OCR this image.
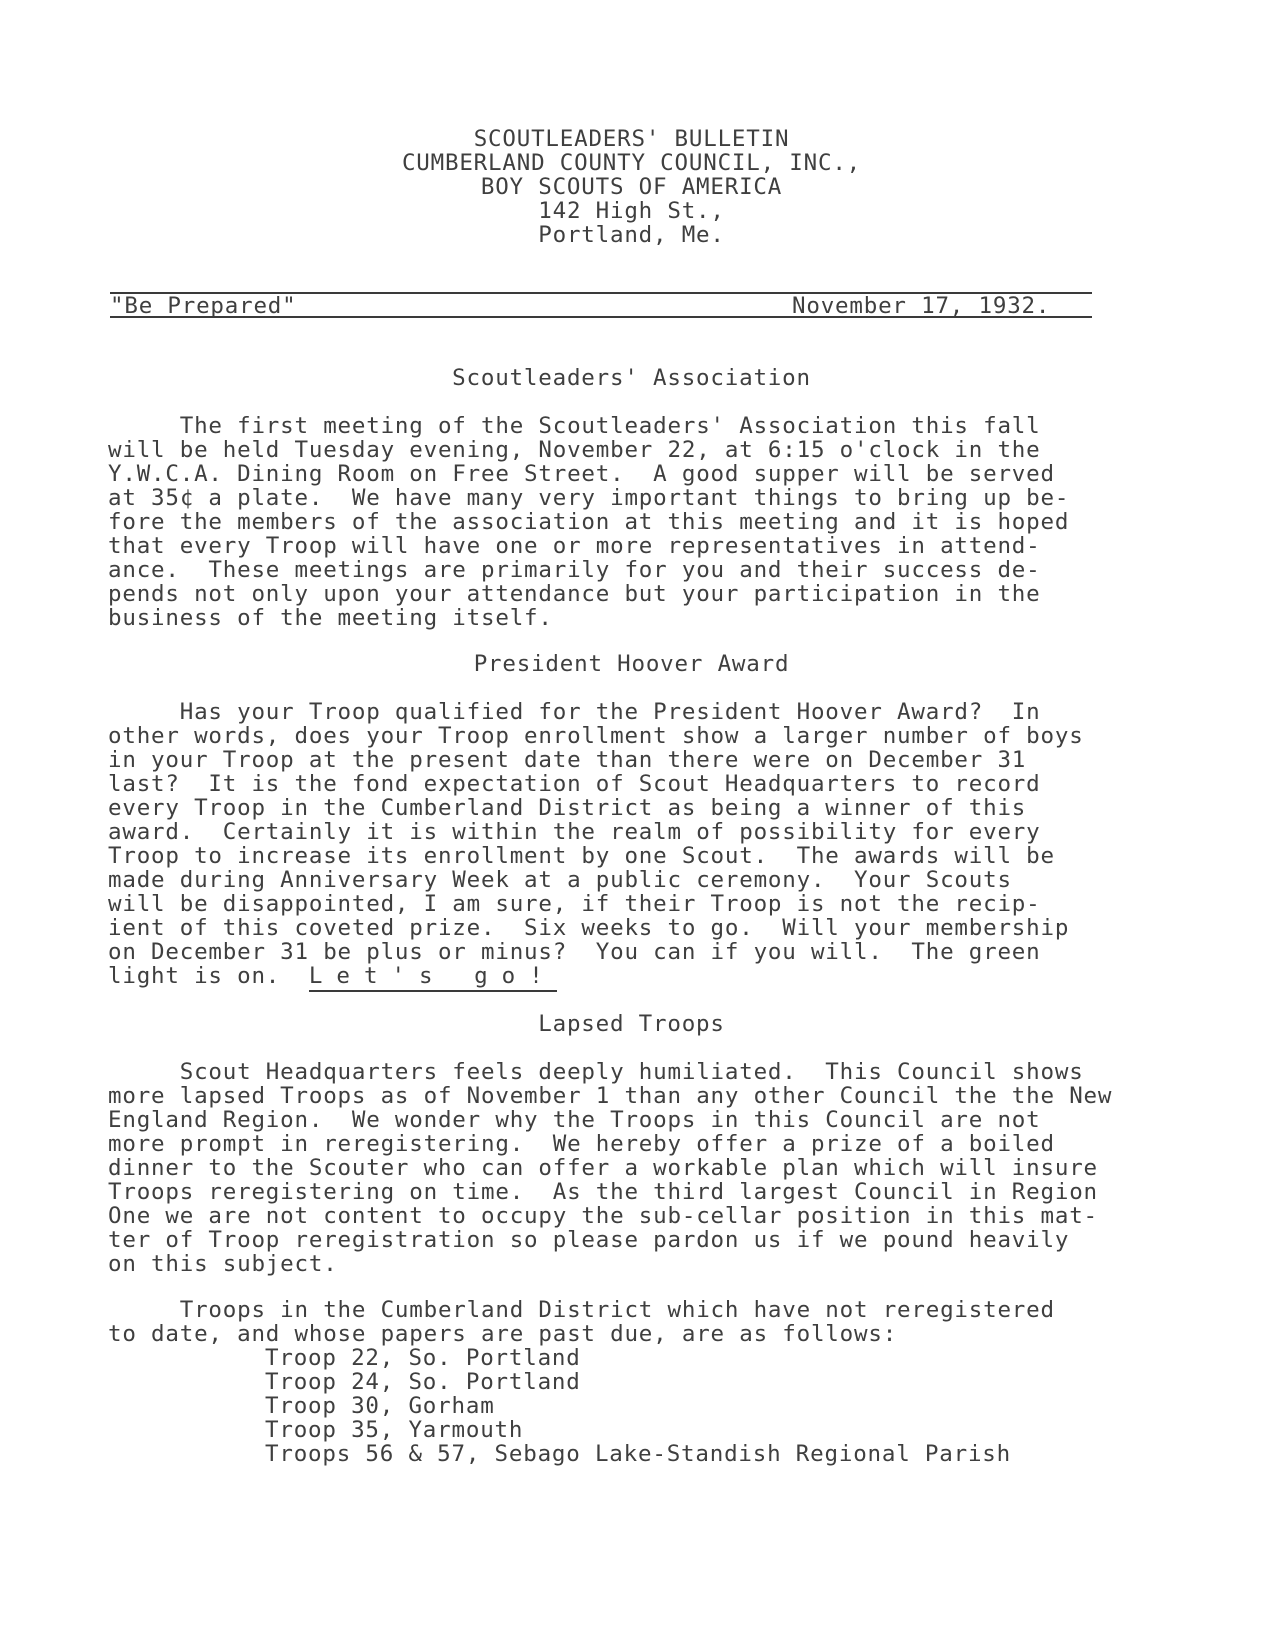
SCOUTLEADERS' BULLETIN
CUMBERLAND COUNTY COUNCIL, INC.,
BOY SCOUTS OF AMERICA
142 High St.,
Portland, Me.
"Be Prepared"	November 17, 1932.
Scoutleaders' Association
The first meeting of the Scoutleaders' Association this fall
will be held Tuesday evening, November 22, at 6:15 o'clock in the
Y.W.C.A. Dining Room on Free Street.  A good supper will be served
at 35¢ a plate.  We have many very important things to bring up be-
fore the members of the association at this meeting and it is hoped
that every Troop will have one or more representatives in attend-
ance.  These meetings are primarily for you and their success de-
pends not only upon your attendance but your participation in the
business of the meeting itself.
President Hoover Award
Has your Troop qualified for the President Hoover Award?  In
other words, does your Troop enrollment show a larger number of boys
in your Troop at the present date than there were on December 31
last?  It is the fond expectation of Scout Headquarters to record
every Troop in the Cumberland District as being a winner of this
award.  Certainly it is within the realm of possibility for every
Troop to increase its enrollment by one Scout.  The awards will be
made during Anniversary Week at a public ceremony.  Your Scouts
will be disappointed, I am sure, if their Troop is not the recip-
ient of this coveted prize.  Six weeks to go.  Will your membership
on December 31 be plus or minus?  You can if you will.  The green
light is on.  Let's go!
Lapsed Troops
Scout Headquarters feels deeply humiliated.  This Council shows
more lapsed Troops as of November 1 than any other Council the the New
England Region.  We wonder why the Troops in this Council are not
more prompt in reregistering.  We hereby offer a prize of a boiled
dinner to the Scouter who can offer a workable plan which will insure
Troops reregistering on time.  As the third largest Council in Region
One we are not content to occupy the sub-cellar position in this mat-
ter of Troop reregistration so please pardon us if we pound heavily
on this subject.
Troops in the Cumberland District which have not reregistered
to date, and whose papers are past due, are as follows:
Troop 22, So. Portland
Troop 24, So. Portland
Troop 30, Gorham
Troop 35, Yarmouth
Troops 56 & 57, Sebago Lake-Standish Regional Parish
